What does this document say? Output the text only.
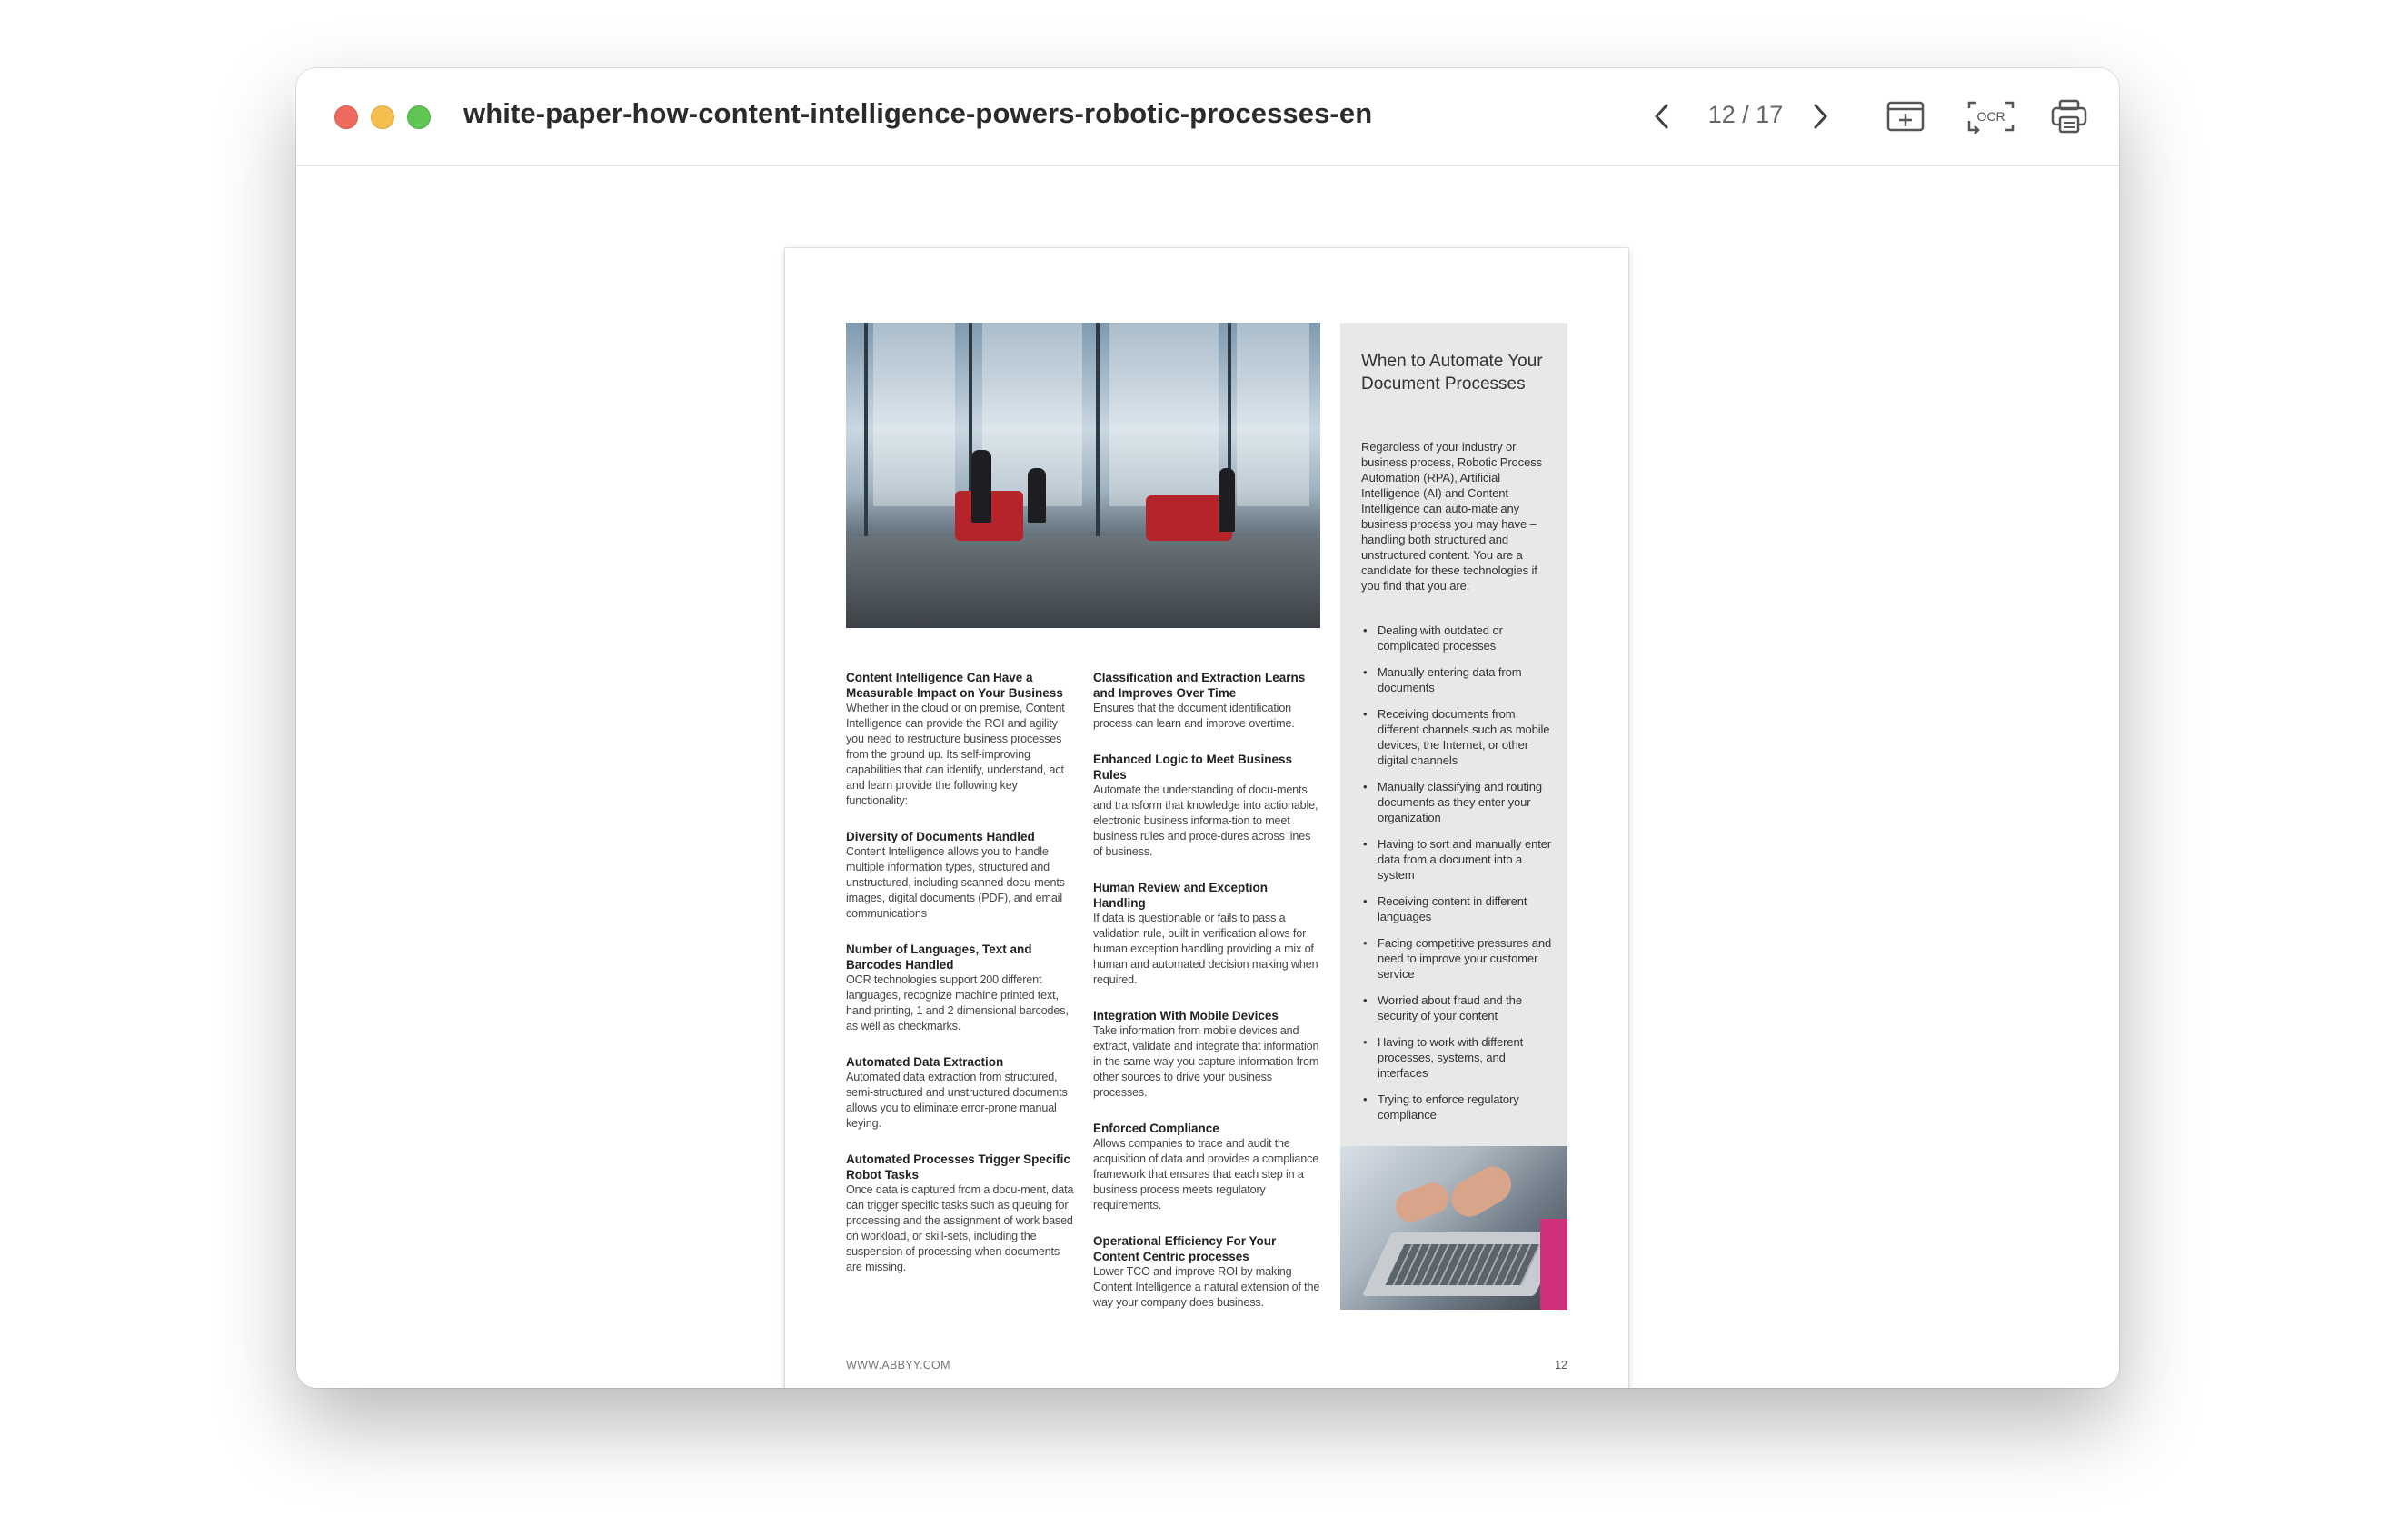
white-paper-how-content-intelligence-powers-robotic-processes-en	12 / 17	OCR
Content Intelligence Can Have a Measurable Impact on Your Business
Whether in the cloud or on premise, Content Intelligence can provide the ROI and agility you need to restructure business processes from the ground up. Its self-improving capabilities that can identify, understand, act and learn provide the following key functionality:
Diversity of Documents Handled
Content Intelligence allows you to handle multiple information types, structured and unstructured, including scanned docu-ments images, digital documents (PDF), and email communications
Number of Languages, Text and Barcodes Handled
OCR technologies support 200 different languages, recognize machine printed text, hand printing, 1 and 2 dimensional barcodes, as well as checkmarks.
Automated Data Extraction
Automated data extraction from structured, semi-structured and unstructured documents allows you to eliminate error-prone manual keying.
Automated Processes Trigger Specific Robot Tasks
Once data is captured from a docu-ment, data can trigger specific tasks such as queuing for processing and the assignment of work based on workload, or skill-sets, including the suspension of processing when documents are missing.
Classification and Extraction Learns and Improves Over Time
Ensures that the document identification process can learn and improve overtime.
Enhanced Logic to Meet Business Rules
Automate the understanding of docu-ments and transform that knowledge into actionable, electronic business informa-tion to meet business rules and proce-dures across lines of business.
Human Review and Exception Handling
If data is questionable or fails to pass a validation rule, built in verification allows for human exception handling providing a mix of human and automated decision making when required.
Integration With Mobile Devices
Take information from mobile devices and extract, validate and integrate that information in the same way you capture information from other sources to drive your business processes.
Enforced Compliance
Allows companies to trace and audit the acquisition of data and provides a compliance framework that ensures that each step in a business process meets regulatory requirements.
Operational Efficiency For Your Content Centric processes
Lower TCO and improve ROI by making Content Intelligence a natural extension of the way your company does business.
When to Automate Your Document Processes
Regardless of your industry or business process, Robotic Process Automation (RPA), Artificial Intelligence (AI) and Content Intelligence can auto-mate any business process you may have – handling both structured and unstructured content. You are a candidate for these technologies if you find that you are:
• Dealing with outdated or complicated processes
• Manually entering data from documents
• Receiving documents from different channels such as mobile devices, the Internet, or other digital channels
• Manually classifying and routing documents as they enter your organization
• Having to sort and manually enter data from a document into a system
• Receiving content in different languages
• Facing competitive pressures and need to improve your customer service
• Worried about fraud and the security of your content
• Having to work with different processes, systems, and interfaces
• Trying to enforce regulatory compliance
WWW.ABBYY.COM	12
